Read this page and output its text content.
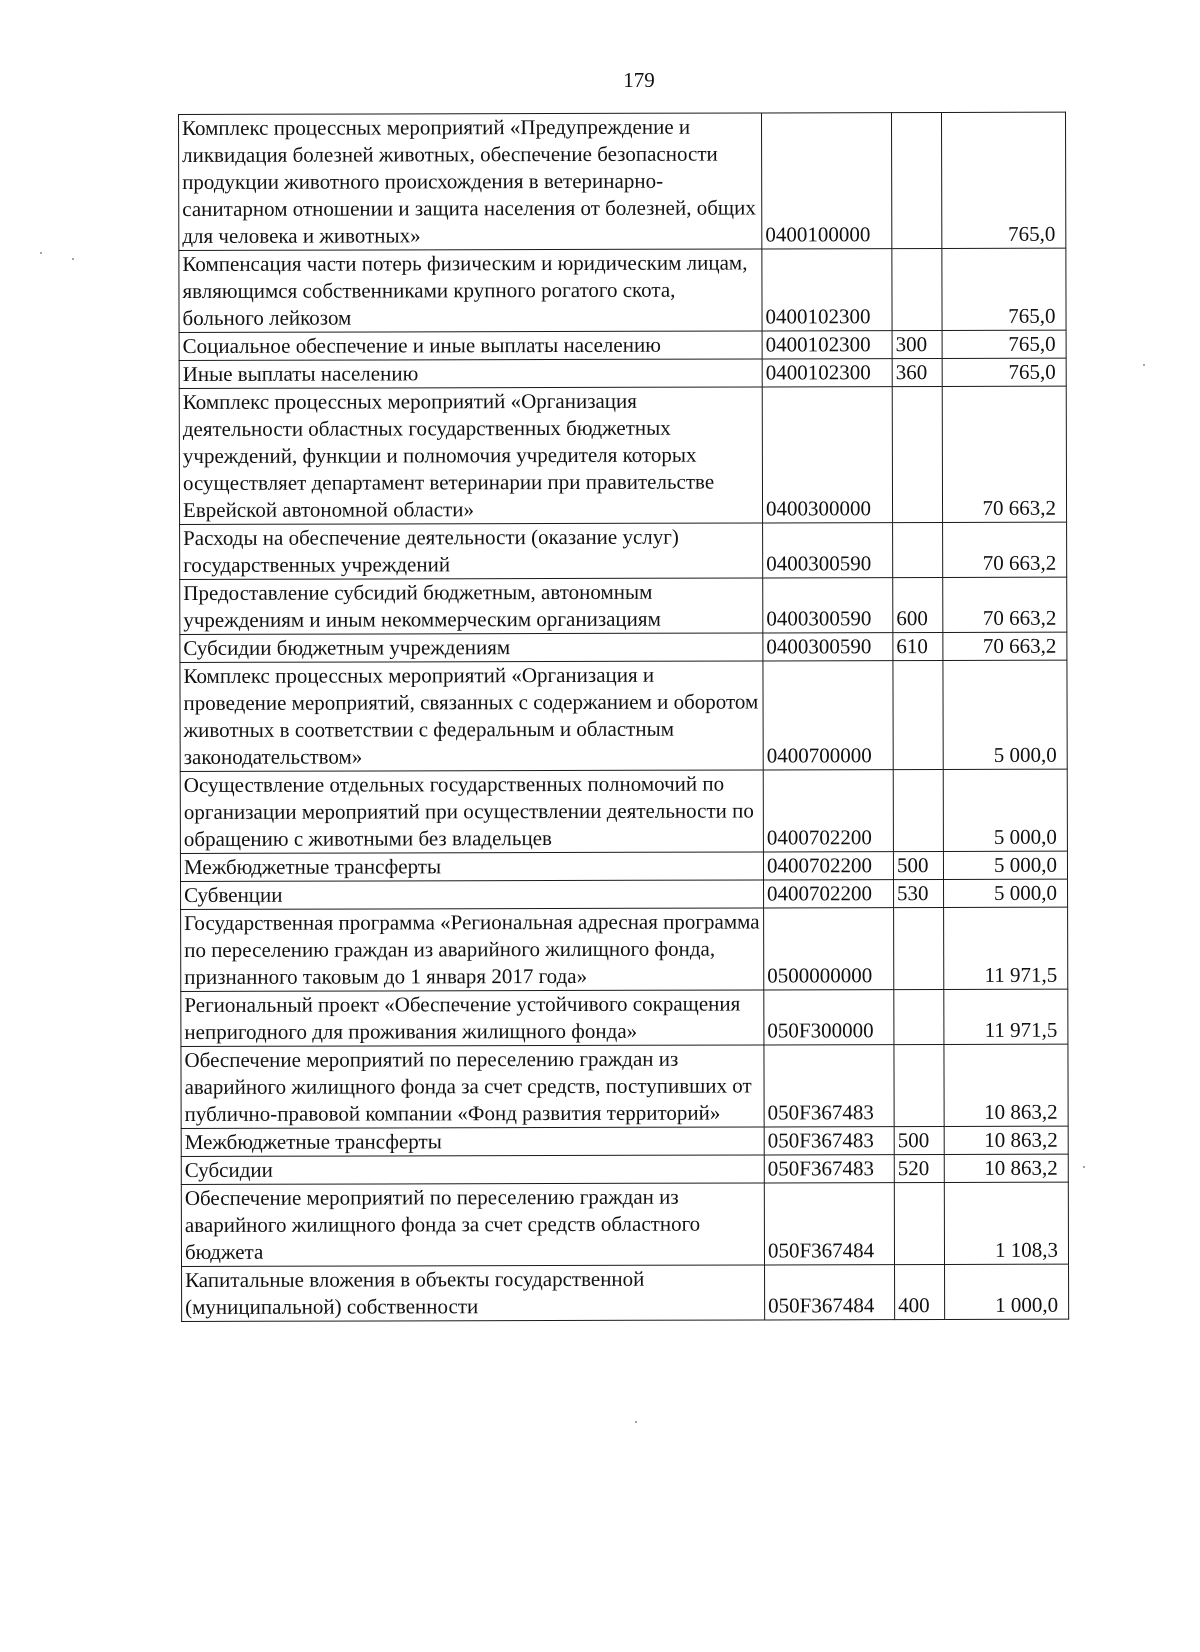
179
Комплекс процессных мероприятий «Предупреждение и ликвидация болезней животных, обеспечение безопасности продукции животного происхождения в ветеринарно-санитарном отношении и защита населения от болезней, общих для человека и животных»	0400100000		765,0
Компенсация части потерь физическим и юридическим лицам, являющимся собственниками крупного рогатого скота, больного лейкозом	0400102300		765,0
Социальное обеспечение и иные выплаты населению	0400102300	300	765,0
Иные выплаты населению	0400102300	360	765,0
Комплекс процессных мероприятий «Организация деятельности областных государственных бюджетных учреждений, функции и полномочия учредителя которых осуществляет департамент ветеринарии при правительстве Еврейской автономной области»	0400300000		70 663,2
Расходы на обеспечение деятельности (оказание услуг) государственных учреждений	0400300590		70 663,2
Предоставление субсидий бюджетным, автономным учреждениям и иным некоммерческим организациям	0400300590	600	70 663,2
Субсидии бюджетным учреждениям	0400300590	610	70 663,2
Комплекс процессных мероприятий «Организация и проведение мероприятий, связанных с содержанием и оборотом животных в соответствии с федеральным и областным законодательством»	0400700000		5 000,0
Осуществление отдельных государственных полномочий по организации мероприятий при осуществлении деятельности по обращению с животными без владельцев	0400702200		5 000,0
Межбюджетные трансферты	0400702200	500	5 000,0
Субвенции	0400702200	530	5 000,0
Государственная программа «Региональная адресная программа по переселению граждан из аварийного жилищного фонда, признанного таковым до 1 января 2017 года»	0500000000		11 971,5
Региональный проект «Обеспечение устойчивого сокращения непригодного для проживания жилищного фонда»	050F300000		11 971,5
Обеспечение мероприятий по переселению граждан из аварийного жилищного фонда за счет средств, поступивших от публично-правовой компании «Фонд развития территорий»	050F367483		10 863,2
Межбюджетные трансферты	050F367483	500	10 863,2
Субсидии	050F367483	520	10 863,2
Обеспечение мероприятий по переселению граждан из аварийного жилищного фонда за счет средств областного бюджета	050F367484		1 108,3
Капитальные вложения в объекты государственной (муниципальной) собственности	050F367484	400	1 000,0
